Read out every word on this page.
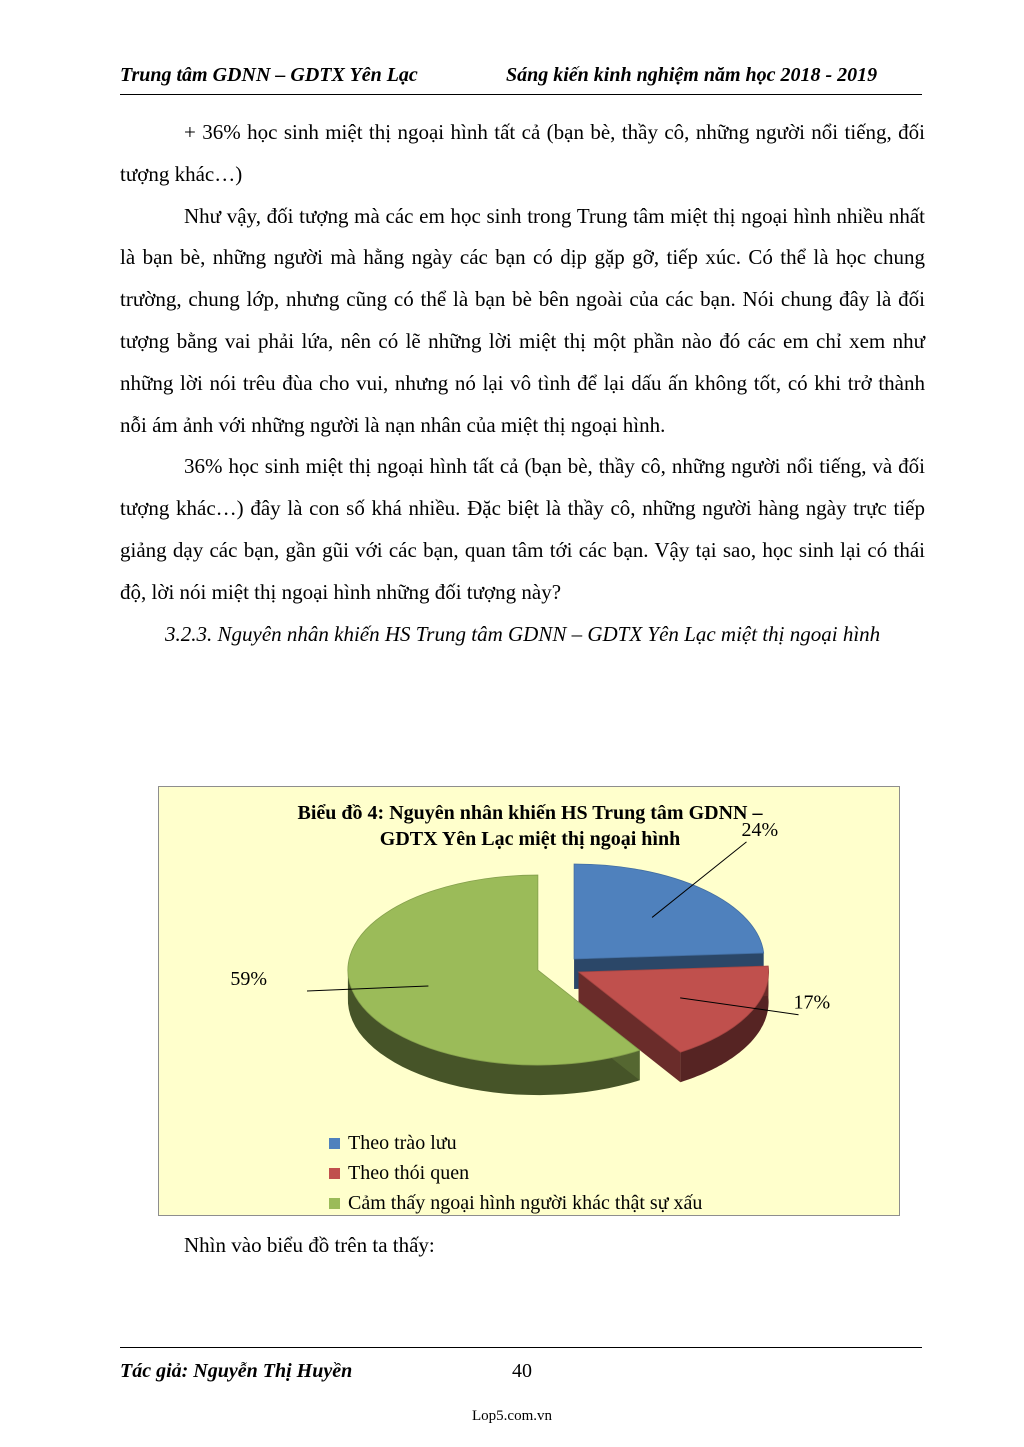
Trung tâm GDNN – GDTX Yên Lạc	Sáng kiến kinh nghiệm năm học 2018 - 2019

+ 36% học sinh miệt thị ngoại hình tất cả (bạn bè, thầy cô, những người nổi tiếng, đối tượng khác…)

Như vậy, đối tượng mà các em học sinh trong Trung tâm miệt thị ngoại hình nhiều nhất là bạn bè, những người mà hằng ngày các bạn có dịp gặp gỡ, tiếp xúc. Có thể là học chung trường, chung lớp, nhưng cũng có thể là bạn bè bên ngoài của các bạn. Nói chung đây là đối tượng bằng vai phải lứa, nên có lẽ những lời miệt thị một phần nào đó các em chỉ xem như những lời nói trêu đùa cho vui, nhưng nó lại vô tình để lại dấu ấn không tốt, có khi trở thành nỗi ám ảnh với những người là nạn nhân của miệt thị ngoại hình.

36% học sinh miệt thị ngoại hình tất cả (bạn bè, thầy cô, những người nổi tiếng, và đối tượng khác…) đây là con số khá nhiều. Đặc biệt là thầy cô, những người hàng ngày trực tiếp giảng dạy các bạn, gần gũi với các bạn, quan tâm tới các bạn. Vậy tại sao, học sinh lại có thái độ, lời nói miệt thị ngoại hình những đối tượng này?

3.2.3. Nguyên nhân khiến HS Trung tâm GDNN – GDTX Yên Lạc miệt thị ngoại hình

Biểu đồ 4: Nguyên nhân khiến HS Trung tâm GDNN –
GDTX Yên Lạc miệt thị ngoại hình	24%
17%
59%
Theo trào lưu
Theo thói quen
Cảm thấy ngoại hình người khác thật sự xấu
Nhìn vào biểu đồ trên ta thấy:
Tác giả: Nguyễn Thị Huyền	40
Lop5.com.vn
